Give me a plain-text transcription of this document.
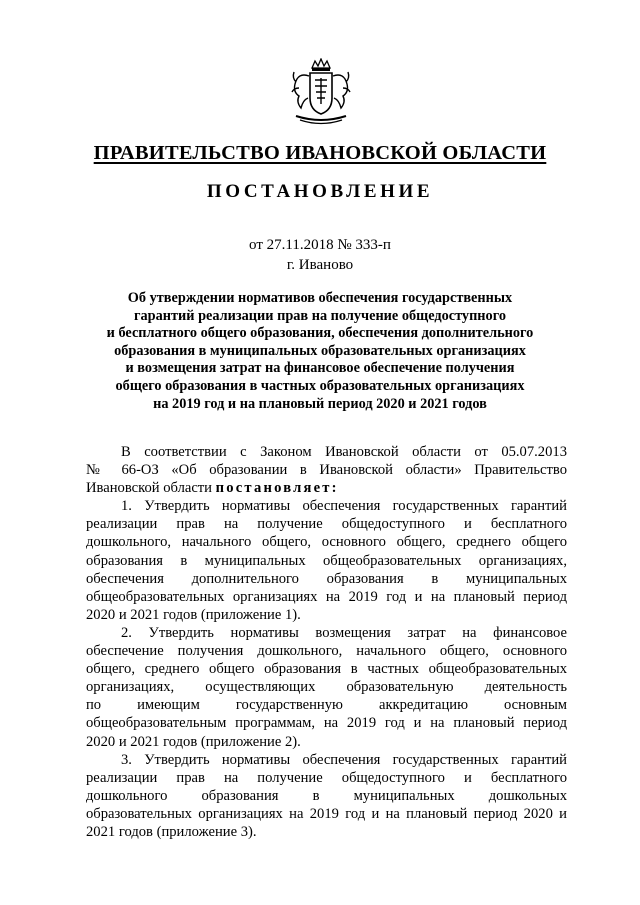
ПРАВИТЕЛЬСТВО ИВАНОВСКОЙ ОБЛАСТИ
ПОСТАНОВЛЕНИЕ
от 27.11.2018 № 333-п
г. Иваново
Об утверждении нормативов обеспечения государственных
гарантий реализации прав на получение общедоступного
и бесплатного общего образования, обеспечения дополнительного
образования в муниципальных образовательных организациях
и возмещения затрат на финансовое обеспечение получения
общего образования в частных образовательных организациях
на 2019 год и на плановый период 2020 и 2021 годов
В соответствии с Законом Ивановской области от 05.07.2013
№ 66-ОЗ «Об образовании в Ивановской области» Правительство
Ивановской области постановляет:
1. Утвердить нормативы обеспечения государственных гарантий
реализации прав на получение общедоступного и бесплатного
дошкольного, начального общего, основного общего, среднего общего
образования в муниципальных общеобразовательных организациях,
обеспечения дополнительного образования в муниципальных
общеобразовательных организациях на 2019 год и на плановый период
2020 и 2021 годов (приложение 1).
2. Утвердить нормативы возмещения затрат на финансовое
обеспечение получения дошкольного, начального общего, основного
общего, среднего общего образования в частных общеобразовательных
организациях, осуществляющих образовательную деятельность
по имеющим государственную аккредитацию основным
общеобразовательным программам, на 2019 год и на плановый период
2020 и 2021 годов (приложение 2).
3. Утвердить нормативы обеспечения государственных гарантий
реализации прав на получение общедоступного и бесплатного
дошкольного образования в муниципальных дошкольных
образовательных организациях на 2019 год и на плановый период 2020 и
2021 годов (приложение 3).
